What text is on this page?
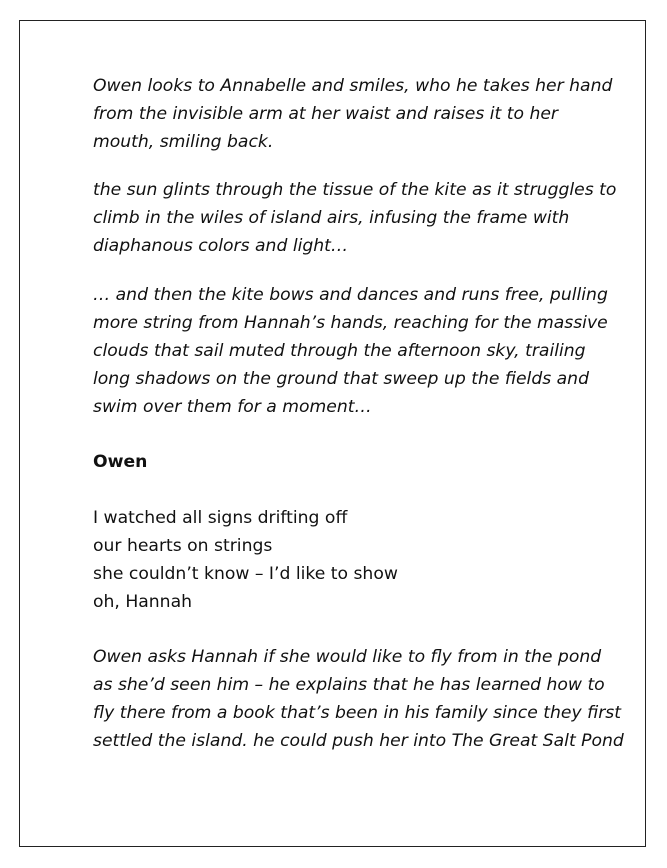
Owen looks to Annabelle and smiles, who he takes her hand
from the invisible arm at her waist and raises it to her
mouth, smiling back.

the sun glints through the tissue of the kite as it struggles to
climb in the wiles of island airs, infusing the frame with
diaphanous colors and light…

… and then the kite bows and dances and runs free, pulling
more string from Hannah’s hands, reaching for the massive
clouds that sail muted through the afternoon sky, trailing
long shadows on the ground that sweep up the fields and
swim over them for a moment…

Owen

I watched all signs drifting off
our hearts on strings
she couldn’t know – I’d like to show
oh, Hannah

Owen asks Hannah if she would like to fly from in the pond
as she’d seen him – he explains that he has learned how to
fly there from a book that’s been in his family since they first
settled the island. he could push her into The Great Salt Pond
